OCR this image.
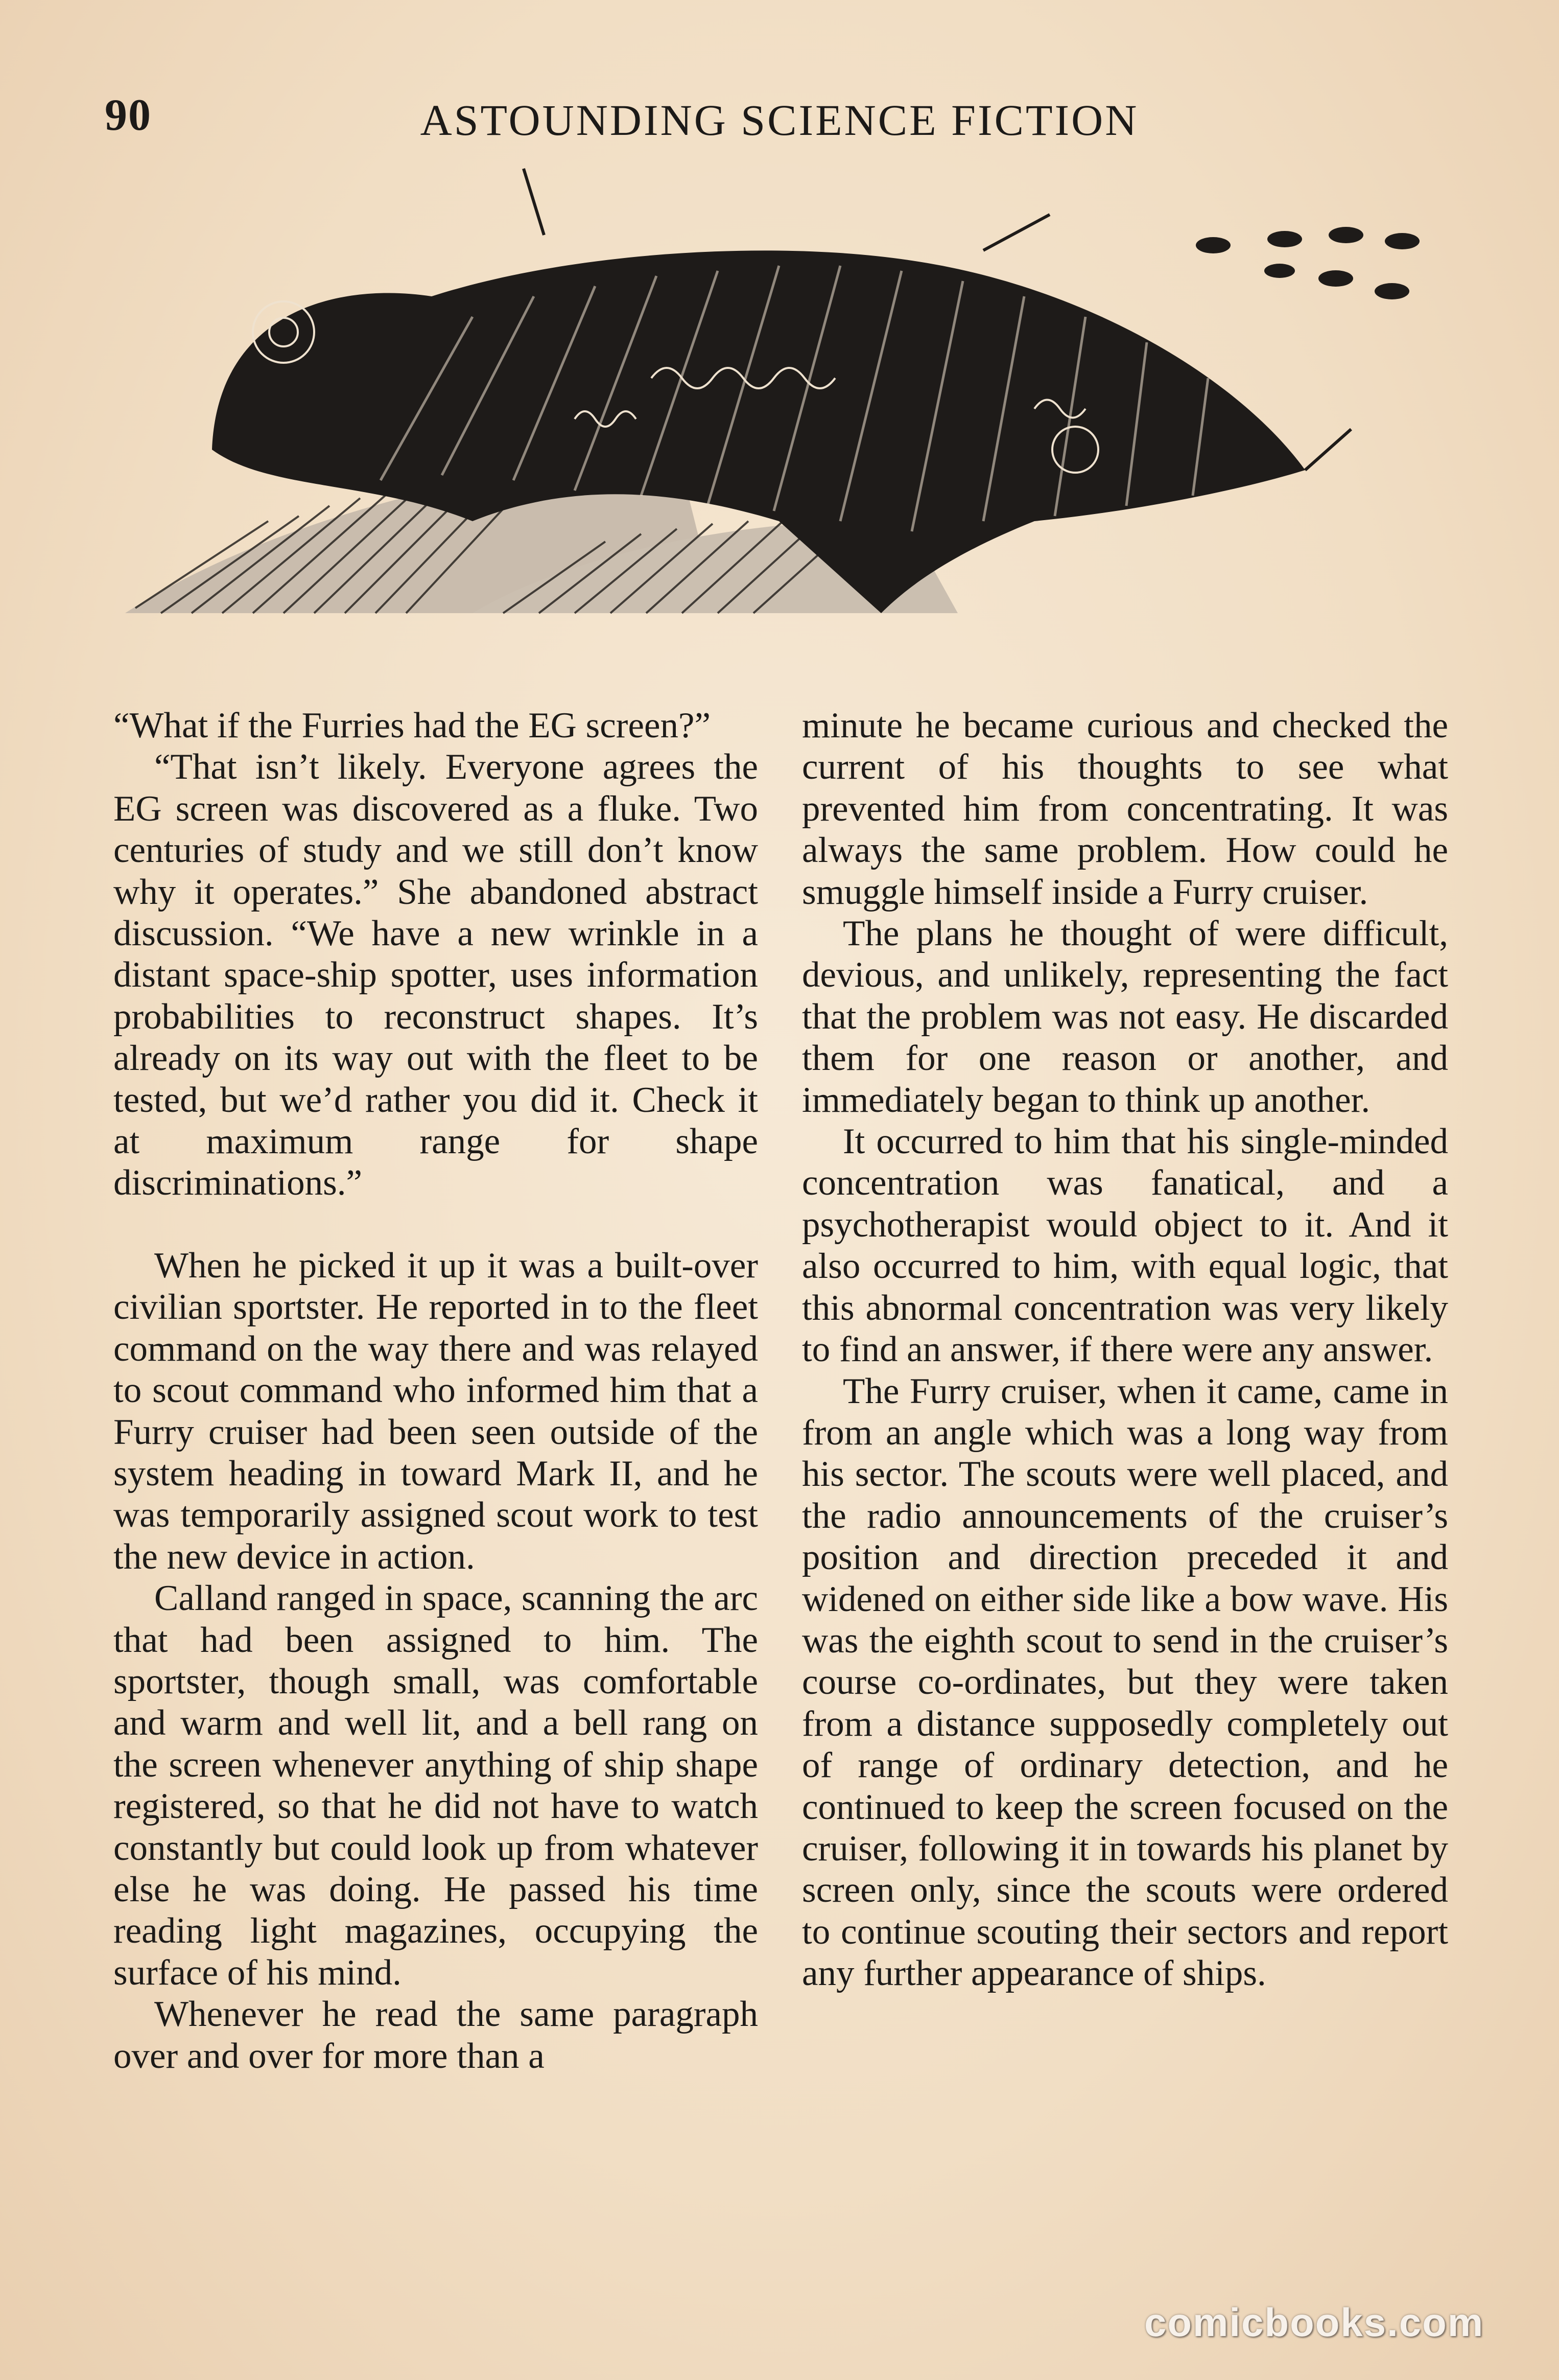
90	ASTOUNDING SCIENCE FICTION

“What if the Furries had the EG screen?”

“That isn’t likely. Everyone agrees the EG screen was discovered as a fluke. Two centuries of study and we still don’t know why it operates.” She abandoned abstract discussion. “We have a new wrinkle in a distant space-ship spotter, uses information probabilities to reconstruct shapes. It’s already on its way out with the fleet to be tested, but we’d rather you did it. Check it at maximum range for shape discriminations.”

When he picked it up it was a built-over civilian sportster. He reported in to the fleet command on the way there and was relayed to scout command who informed him that a Furry cruiser had been seen outside of the system heading in toward Mark II, and he was temporarily assigned scout work to test the new device in action.

Calland ranged in space, scanning the arc that had been assigned to him. The sportster, though small, was comfortable and warm and well lit, and a bell rang on the screen whenever anything of ship shape registered, so that he did not have to watch constantly but could look up from whatever else he was doing. He passed his time reading light magazines, occupying the surface of his mind.

Whenever he read the same paragraph over and over for more than a

minute he became curious and checked the current of his thoughts to see what prevented him from concentrating. It was always the same problem. How could he smuggle himself inside a Furry cruiser.

The plans he thought of were difficult, devious, and unlikely, representing the fact that the problem was not easy. He discarded them for one reason or another, and immediately began to think up another.

It occurred to him that his single-minded concentration was fanatical, and a psychotherapist would object to it. And it also occurred to him, with equal logic, that this abnormal concentration was very likely to find an answer, if there were any answer.

The Furry cruiser, when it came, came in from an angle which was a long way from his sector. The scouts were well placed, and the radio announcements of the cruiser’s position and direction preceded it and widened on either side like a bow wave. His was the eighth scout to send in the cruiser’s course co-ordinates, but they were taken from a distance supposedly completely out of range of ordinary detection, and he continued to keep the screen focused on the cruiser, following it in towards his planet by screen only, since the scouts were ordered to continue scouting their sectors and report any further appearance of ships.

comicbooks.com
